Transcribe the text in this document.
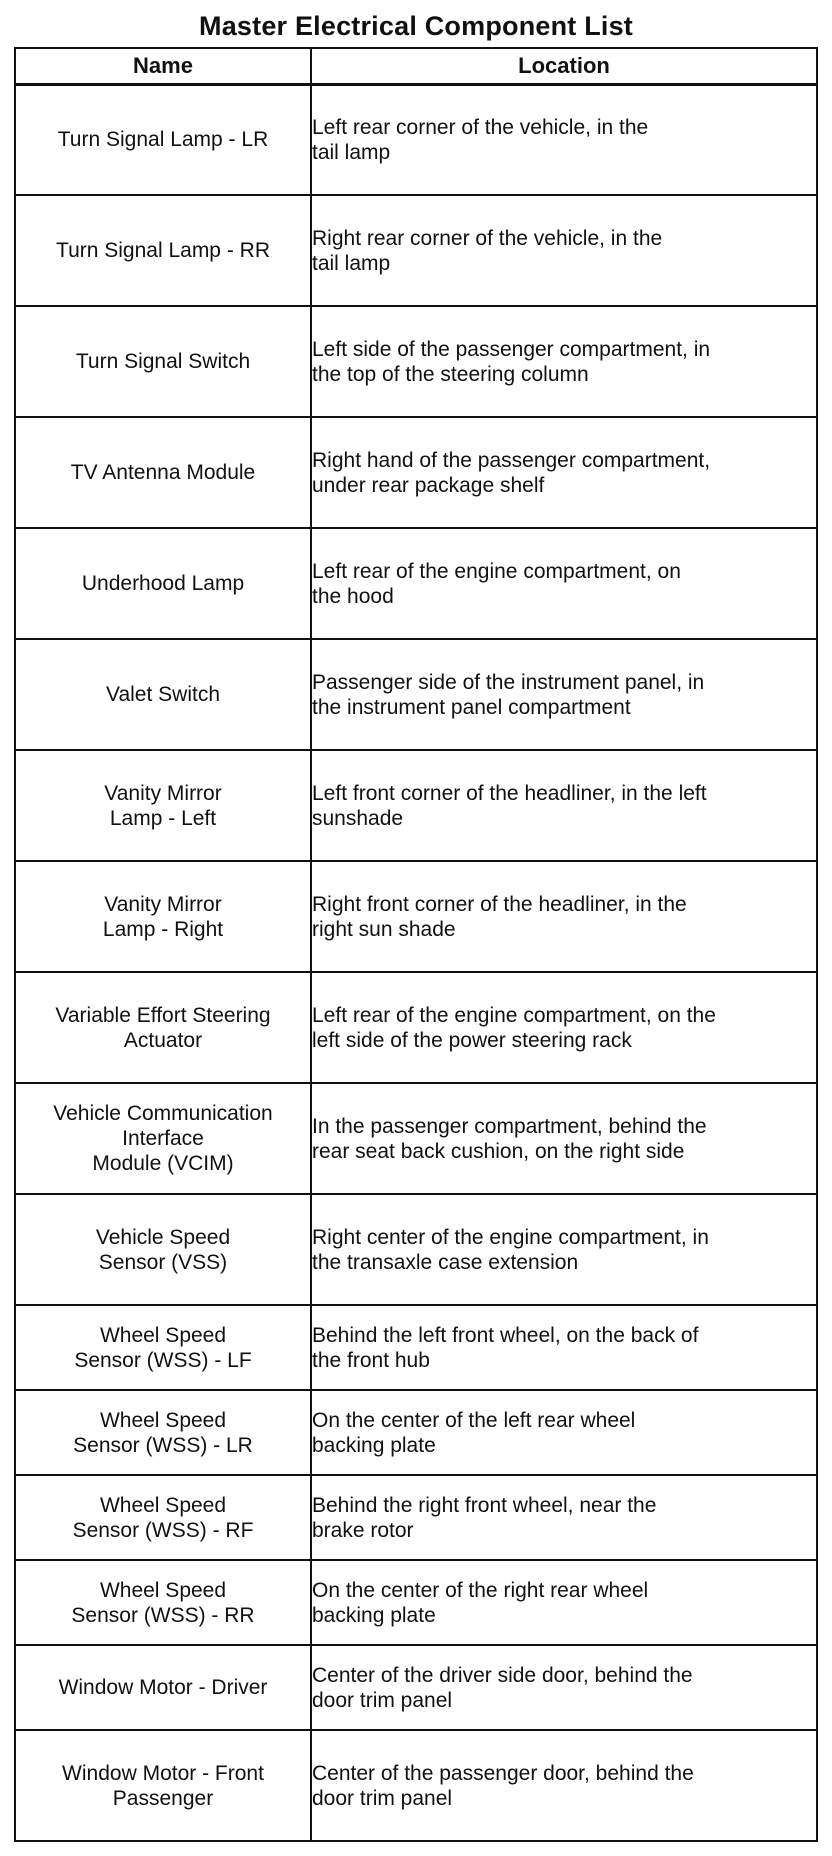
Master Electrical Component List
Name	Location
Turn Signal Lamp - LR	Left rear corner of the vehicle, in the
tail lamp
Turn Signal Lamp - RR	Right rear corner of the vehicle, in the
tail lamp
Turn Signal Switch	Left side of the passenger compartment, in
the top of the steering column
TV Antenna Module	Right hand of the passenger compartment,
under rear package shelf
Underhood Lamp	Left rear of the engine compartment, on
the hood
Valet Switch	Passenger side of the instrument panel, in
the instrument panel compartment
Vanity Mirror
Lamp - Left	Left front corner of the headliner, in the left
sunshade
Vanity Mirror
Lamp - Right	Right front corner of the headliner, in the
right sun shade
Variable Effort Steering
Actuator	Left rear of the engine compartment, on the
left side of the power steering rack
Vehicle Communication
Interface
Module (VCIM)	In the passenger compartment, behind the
rear seat back cushion, on the right side
Vehicle Speed
Sensor (VSS)	Right center of the engine compartment, in
the transaxle case extension
Wheel Speed
Sensor (WSS) - LF	Behind the left front wheel, on the back of
the front hub
Wheel Speed
Sensor (WSS) - LR	On the center of the left rear wheel
backing plate
Wheel Speed
Sensor (WSS) - RF	Behind the right front wheel, near the
brake rotor
Wheel Speed
Sensor (WSS) - RR	On the center of the right rear wheel
backing plate
Window Motor - Driver	Center of the driver side door, behind the
door trim panel
Window Motor - Front
Passenger	Center of the passenger door, behind the
door trim panel
